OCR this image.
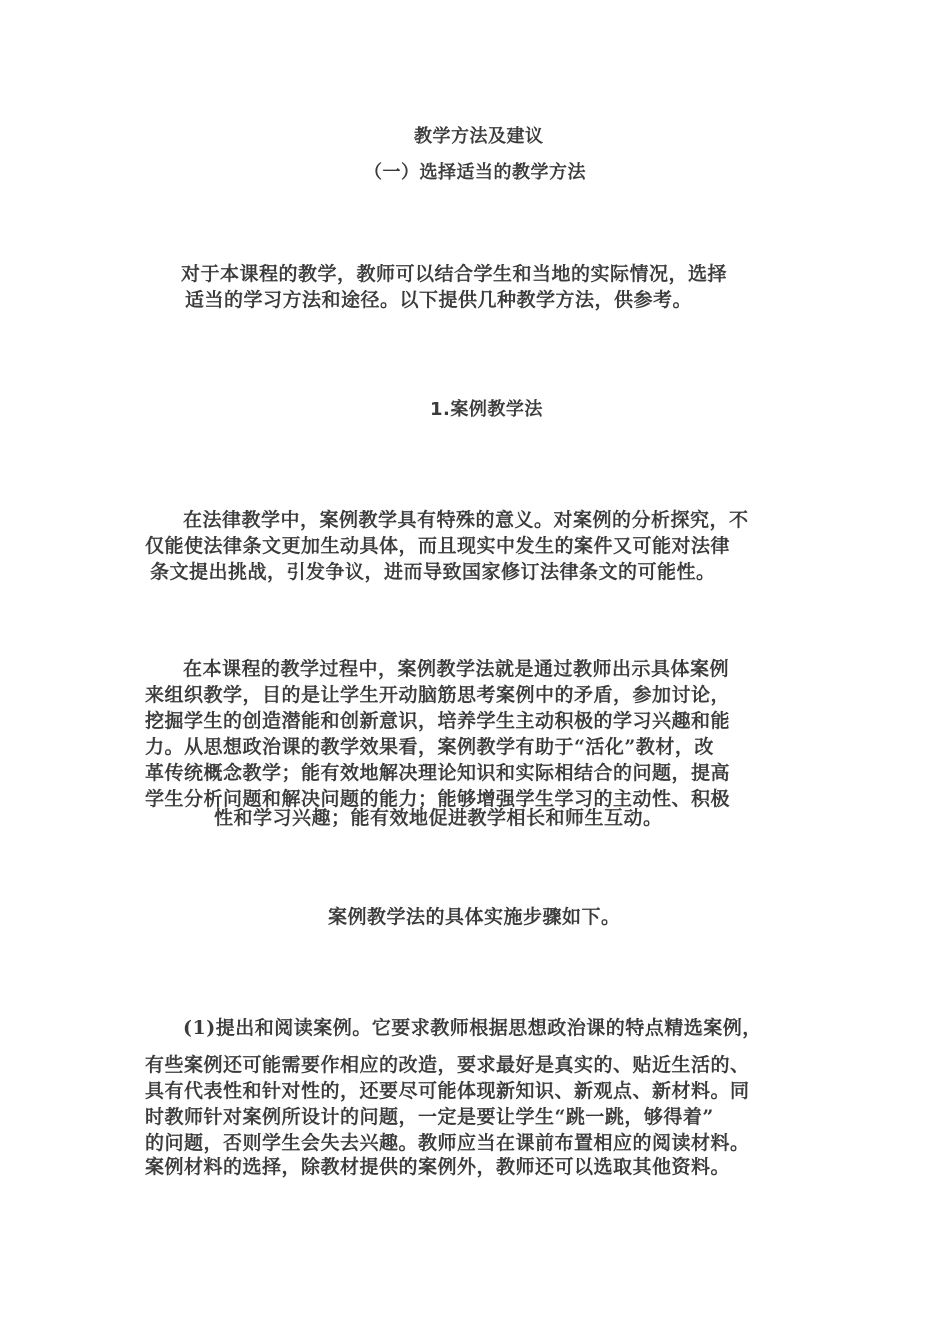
教学方法及建议
（一）选择适当的教学方法
对于本课程的教学，教师可以结合学生和当地的实际情况，选择
适当的学习方法和途径。以下提供几种教学方法，供参考。
1.案例教学法
在法律教学中，案例教学具有特殊的意义。对案例的分析探究，不
仅能使法律条文更加生动具体，而且现实中发生的案件又可能对法律
条文提出挑战，引发争议，进而导致国家修订法律条文的可能性。
在本课程的教学过程中，案例教学法就是通过教师出示具体案例
来组织教学，目的是让学生开动脑筋思考案例中的矛盾，参加讨论，
挖掘学生的创造潜能和创新意识，培养学生主动积极的学习兴趣和能
力。从思想政治课的教学效果看，案例教学有助于“活化”教材，改
革传统概念教学；能有效地解决理论知识和实际相结合的问题，提高
学生分析问题和解决问题的能力；能够增强学生学习的主动性、积极
性和学习兴趣；能有效地促进教学相长和师生互动。
案例教学法的具体实施步骤如下。
(1)提出和阅读案例。它要求教师根据思想政治课的特点精选案例，
有些案例还可能需要作相应的改造，要求最好是真实的、贴近生活的、
具有代表性和针对性的，还要尽可能体现新知识、新观点、新材料。同
时教师针对案例所设计的问题，一定是要让学生“跳一跳，够得着”
的问题，否则学生会失去兴趣。教师应当在课前布置相应的阅读材料。
案例材料的选择，除教材提供的案例外，教师还可以选取其他资料。
